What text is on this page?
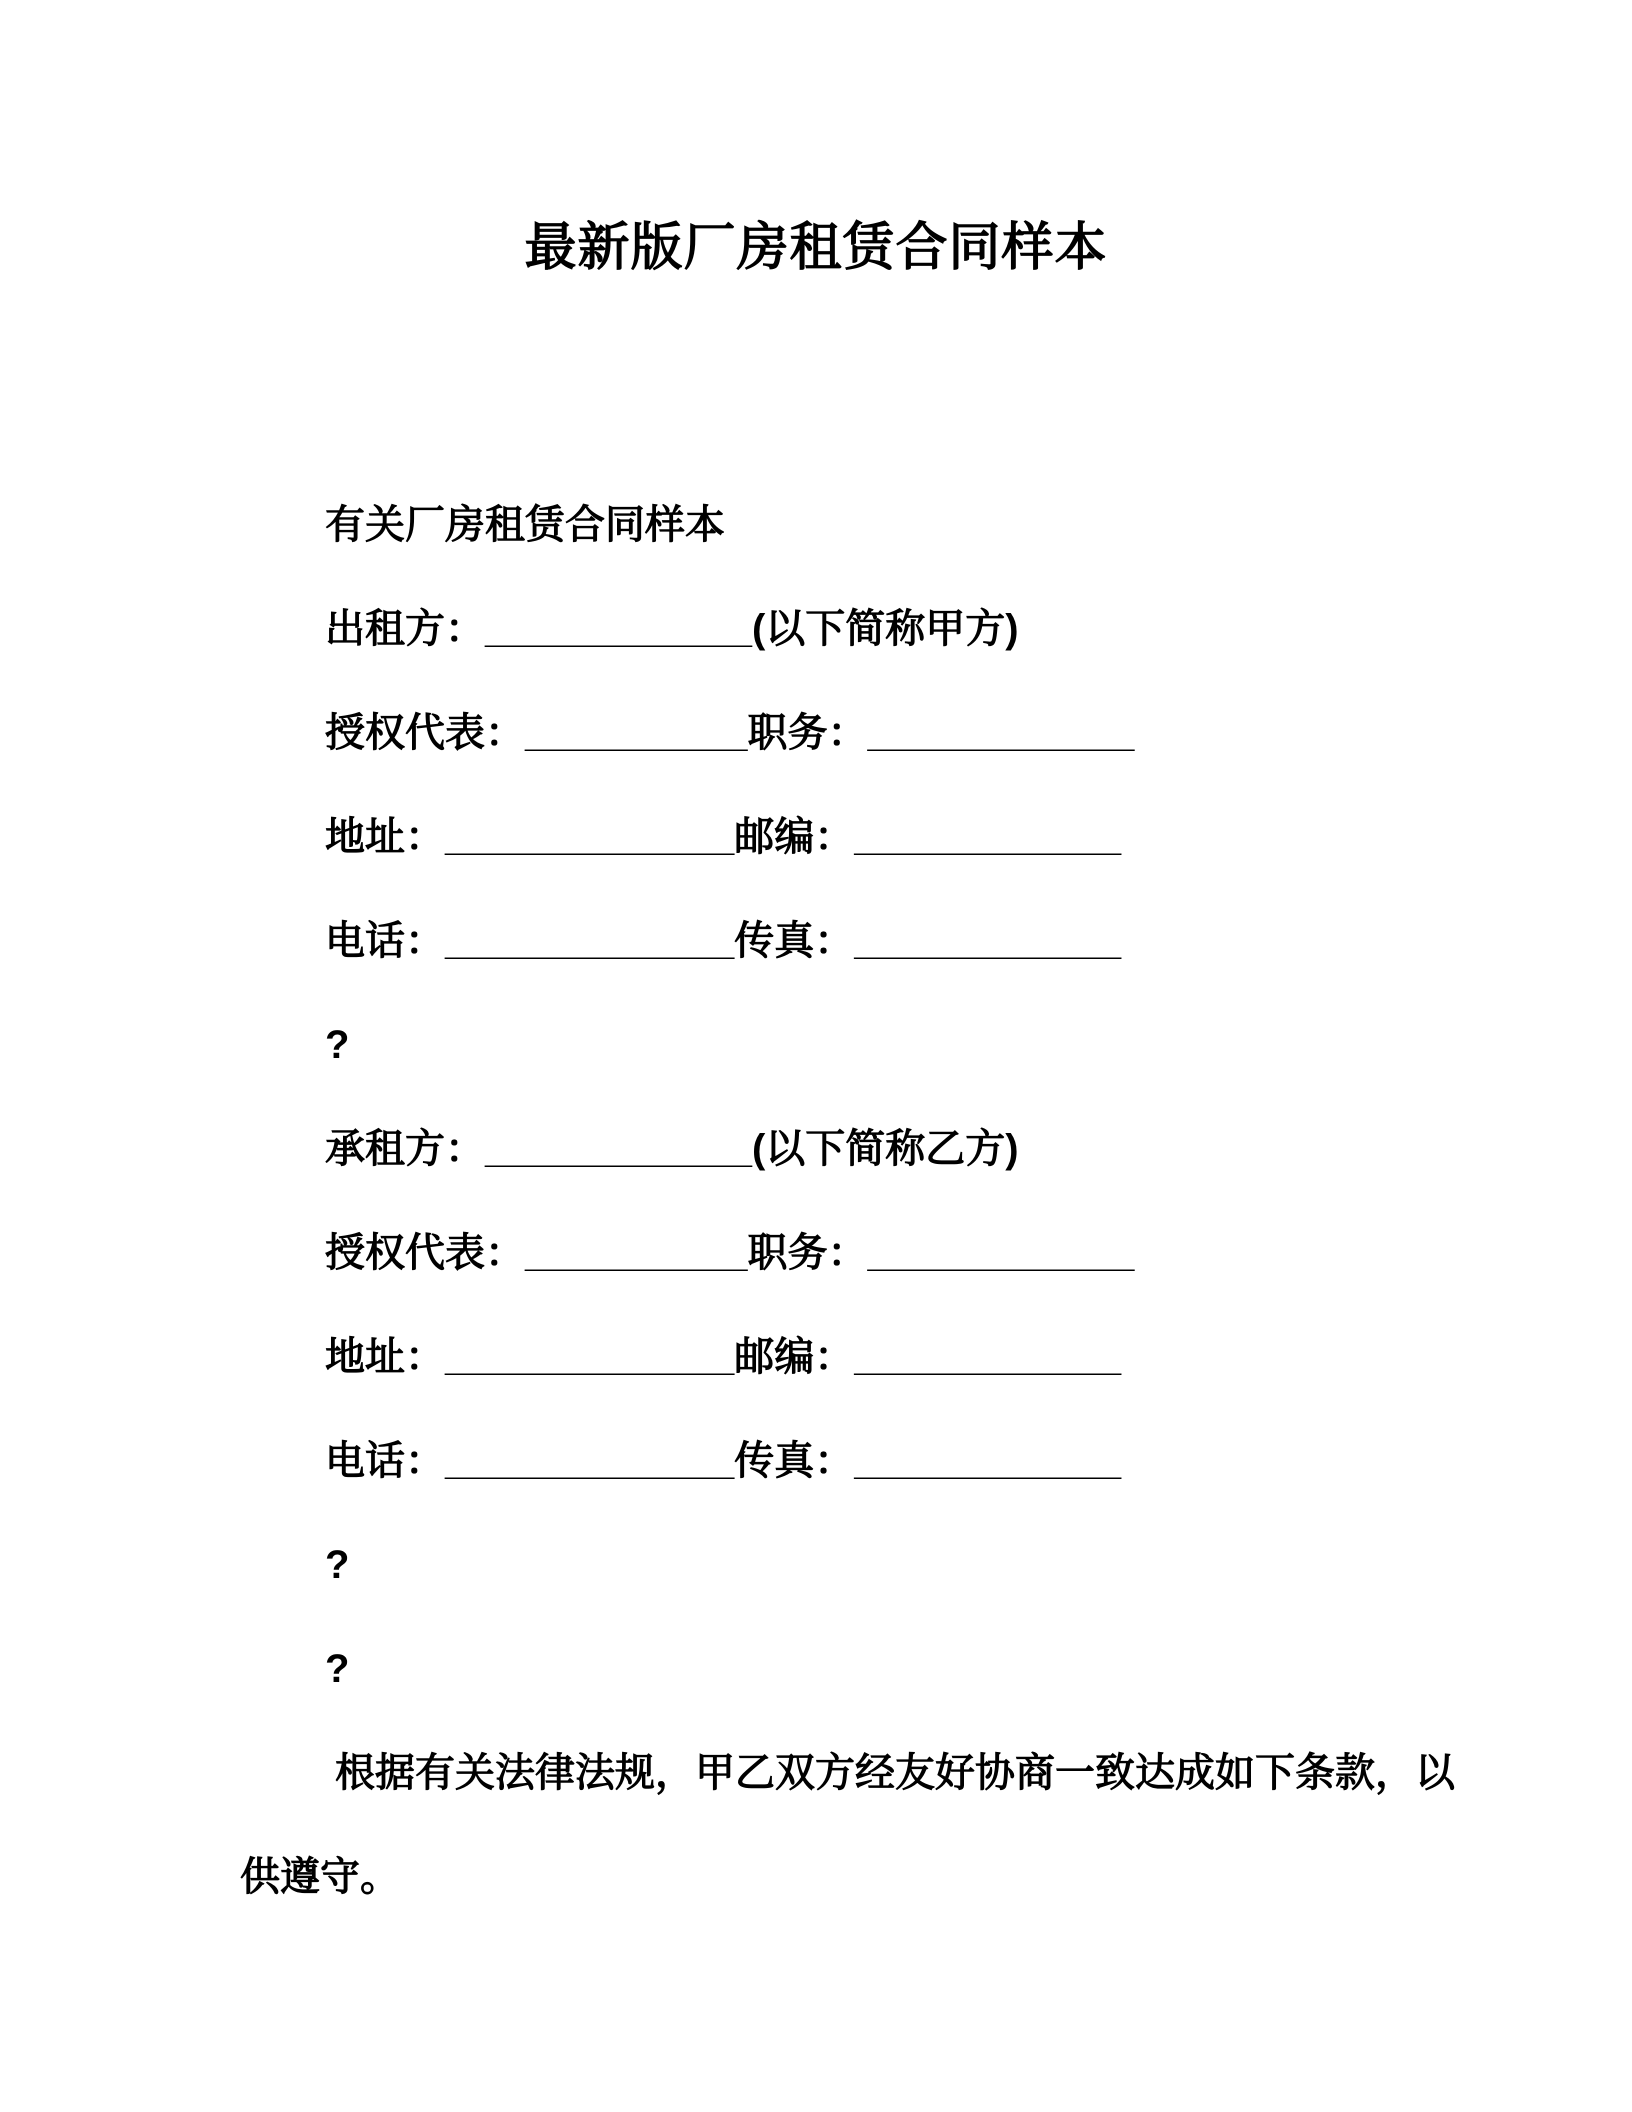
最新版厂房租赁合同样本

有关厂房租赁合同样本

出租方：____________(以下简称甲方)

授权代表：__________职务：____________

地址：_____________邮编：____________

电话：_____________传真：____________

?

承租方：____________(以下简称乙方)

授权代表：__________职务：____________

地址：_____________邮编：____________

电话：_____________传真：____________

?

?

根据有关法律法规，甲乙双方经友好协商一致达成如下条款，以

供遵守。
